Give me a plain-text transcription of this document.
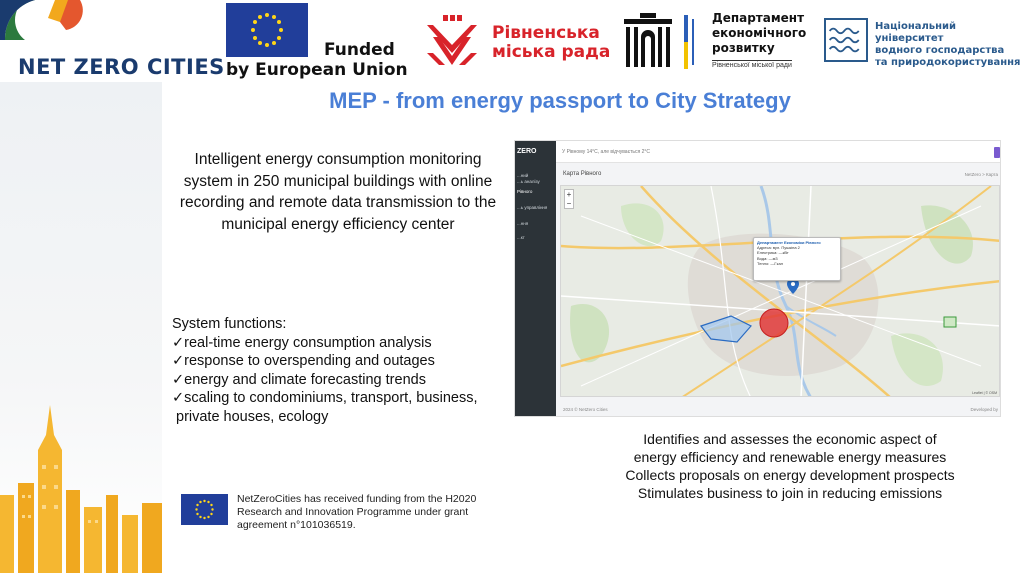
NET ZERO CITIES
Funded
by European Union
Рівненська
міська рада
Департамент
економічного
розвитку
Рівненської міської ради
Національний університет
водного господарства
та природокористування
MEP - from energy passport to City Strategy
Intelligent energy consumption monitoring system in 250 municipal buildings with online recording and remote data transmission to the municipal energy efficiency center
System functions:
✓real-time energy consumption analysis
✓response to overspending and outages
✓energy and climate forecasting trends
✓scaling to condominiums, transport, business,
private houses, ecology
NetZeroCities has received funding from the H2020 Research and Innovation Programme under grant agreement n°101036519.
ZERO
...ний
...ь аналізу
Рівного
...ь управління
...ння
...кт
У Рівному 14°C, але відчувається 2°C
Карта Рівного	NetZero > Карта
+
−
Департамент Економіки Рівного
Адреса: вул. Пушкіна 2
Електрика: —кВт
Вода: —м3
Тепло: —Гкал
Leaflet | © OSM
2024 © NetZero Cities	Developed by
Identifies and assesses the economic aspect of energy efficiency and renewable energy measures Collects proposals on energy development prospects Stimulates business to join in reducing emissions
